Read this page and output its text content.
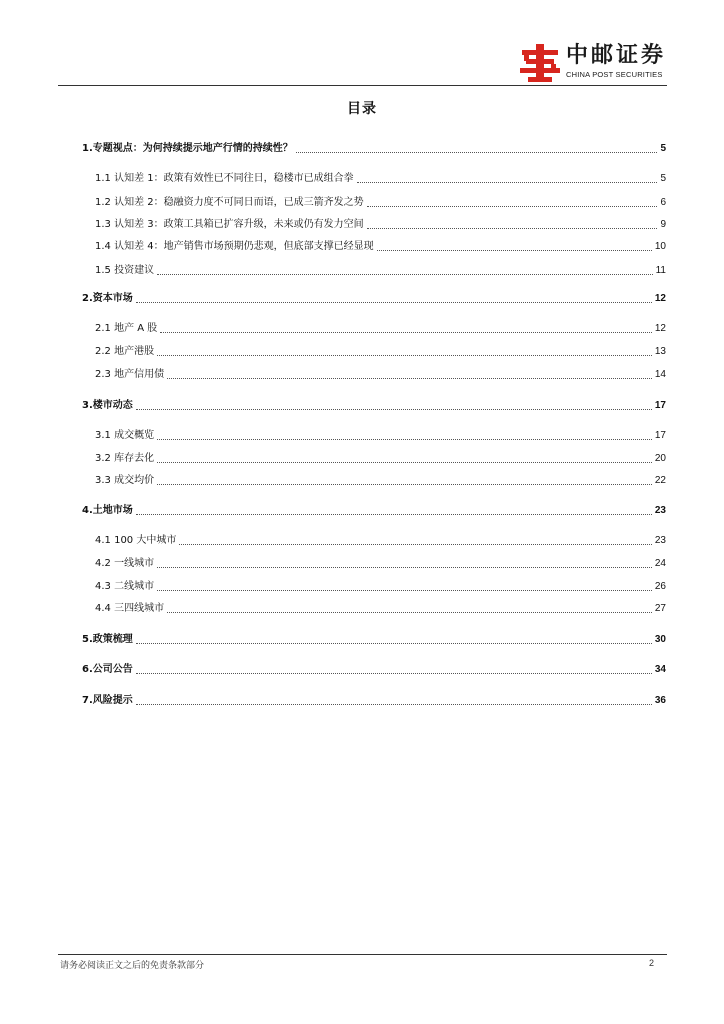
中邮证券
CHINA POST SECURITIES
目录
1.专题视点：为何持续提示地产行情的持续性？	5
1.1 认知差 1：政策有效性已不同往日，稳楼市已成组合拳	5
1.2 认知差 2：稳融资力度不可同日而语，已成三箭齐发之势	6
1.3 认知差 3：政策工具箱已扩容升级，未来或仍有发力空间	9
1.4 认知差 4：地产销售市场预期仍悲观，但底部支撑已经显现	10
1.5 投资建议	11
2.资本市场	12
2.1 地产 A 股	12
2.2 地产港股	13
2.3 地产信用债	14
3.楼市动态	17
3.1 成交概览	17
3.2 库存去化	20
3.3 成交均价	22
4.土地市场	23
4.1 100 大中城市	23
4.2 一线城市	24
4.3 二线城市	26
4.4 三四线城市	27
5.政策梳理	30
6.公司公告	34
7.风险提示	36
请务必阅读正文之后的免责条款部分	2
